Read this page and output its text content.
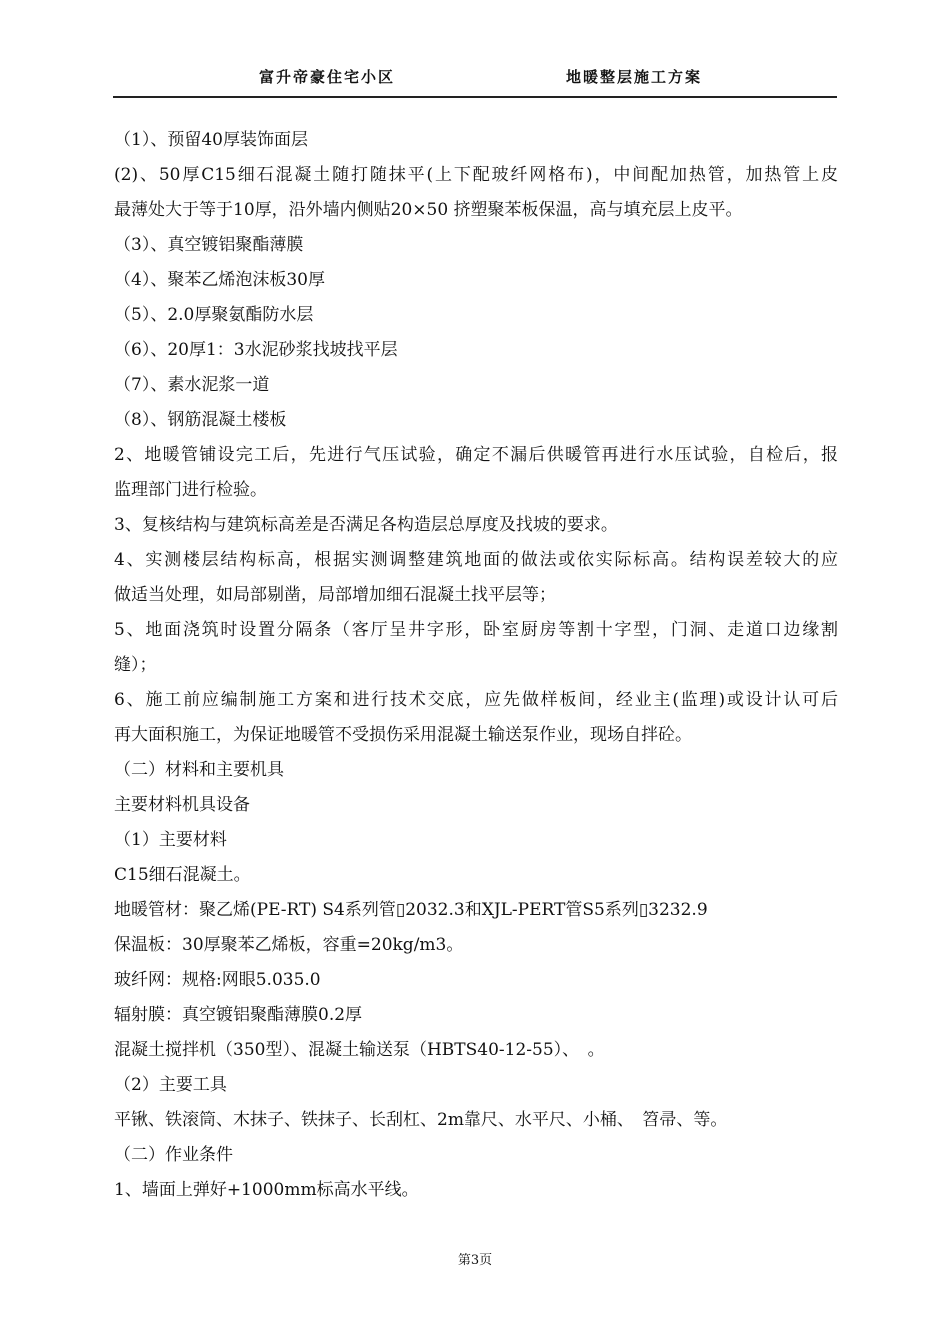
富升帝豪住宅小区	地暖整层施工方案
（1）、预留40厚装饰面层
(2)、50厚C15细石混凝土随打随抹平(上下配玻纤网格布)，中间配加热管，加热管上皮
最薄处大于等于10厚，沿外墙内侧贴20×50 挤塑聚苯板保温，高与填充层上皮平。
（3）、真空镀铝聚酯薄膜
（4）、聚苯乙烯泡沫板30厚
（5）、2.0厚聚氨酯防水层
（6）、20厚1：3水泥砂浆找坡找平层
（7）、素水泥浆一道
（8）、钢筋混凝土楼板
2、地暖管铺设完工后，先进行气压试验，确定不漏后供暖管再进行水压试验，自检后，报
监理部门进行检验。
3、复核结构与建筑标高差是否满足各构造层总厚度及找坡的要求。
4、实测楼层结构标高，根据实测调整建筑地面的做法或依实际标高。结构误差较大的应
做适当处理，如局部剔凿，局部增加细石混凝土找平层等；
5、地面浇筑时设置分隔条（客厅呈井字形，卧室厨房等割十字型，门洞、走道口边缘割
缝）；
6、施工前应编制施工方案和进行技术交底，应先做样板间，经业主(监理)或设计认可后
再大面积施工，为保证地暖管不受损伤采用混凝土输送泵作业，现场自拌砼。
（二）材料和主要机具
主要材料机具设备
（1）主要材料
C15细石混凝土。
地暖管材：聚乙烯(PE-RT) S4系列管▯2032.3和XJL-PERT管S5系列▯3232.9
保温板：30厚聚苯乙烯板，容重=20kg/m3。
玻纤网：规格:网眼5.035.0
辐射膜：真空镀铝聚酯薄膜0.2厚
混凝土搅拌机（350型）、混凝土输送泵（HBTS40-12-55）、　。
（2）主要工具
平锹、铁滚筒、木抹子、铁抹子、长刮杠、2m靠尺、水平尺、小桶、　笤帚、等。
（二）作业条件
1、墙面上弹好+1000mm标高水平线。
第3页
